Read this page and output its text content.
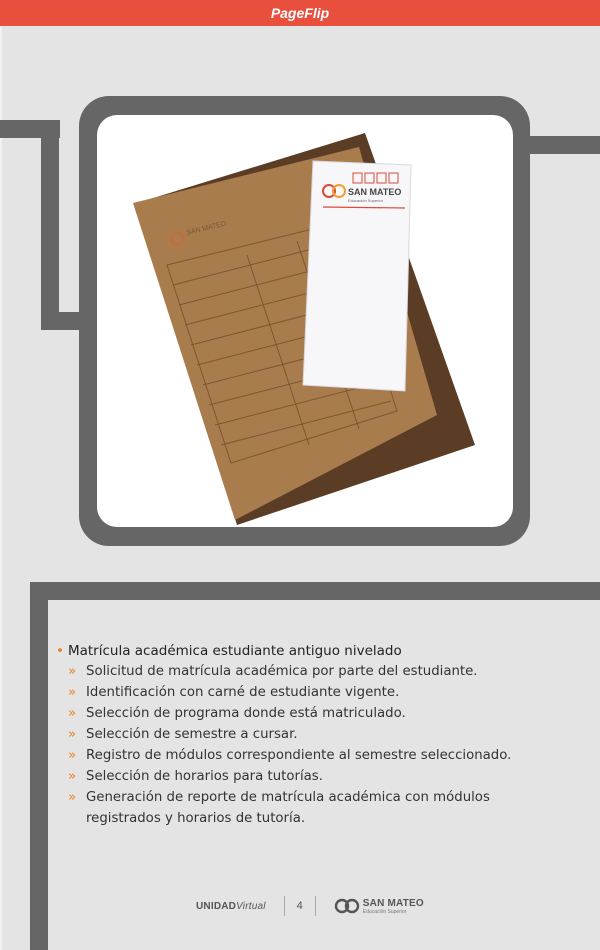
PageFlip
SAN MATEO
SAN MATEO
Educación Superior
• Matrícula académica estudiante antiguo nivelado
» Solicitud de matrícula académica por parte del estudiante.
» Identificación con carné de estudiante vigente.
» Selección de programa donde está matriculado.
» Selección de semestre a cursar.
» Registro de módulos correspondiente al semestre seleccionado.
» Selección de horarios para tutorías.
» Generación de reporte de matrícula académica con módulos registrados y horarios de tutoría.
UNIDADVirtual	4	SAN MATEO
Educación Superior
